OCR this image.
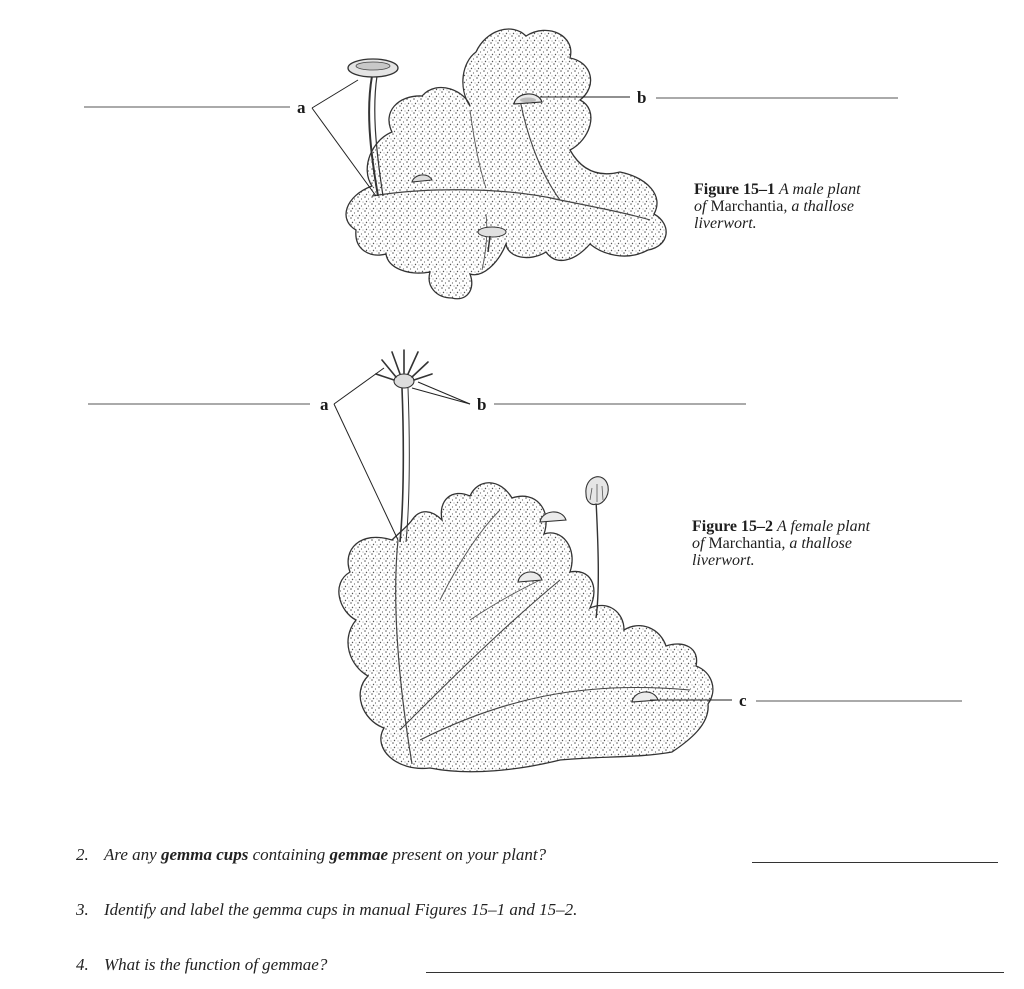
a
b
a	b
c
Figure 15–1 A male plant
of Marchantia, a thallose
liverwort.
Figure 15–2 A female plant
of Marchantia, a thallose
liverwort.
2. Are any gemma cups containing gemmae present on your plant?
3. Identify and label the gemma cups in manual Figures 15–1 and 15–2.
4. What is the function of gemmae?
